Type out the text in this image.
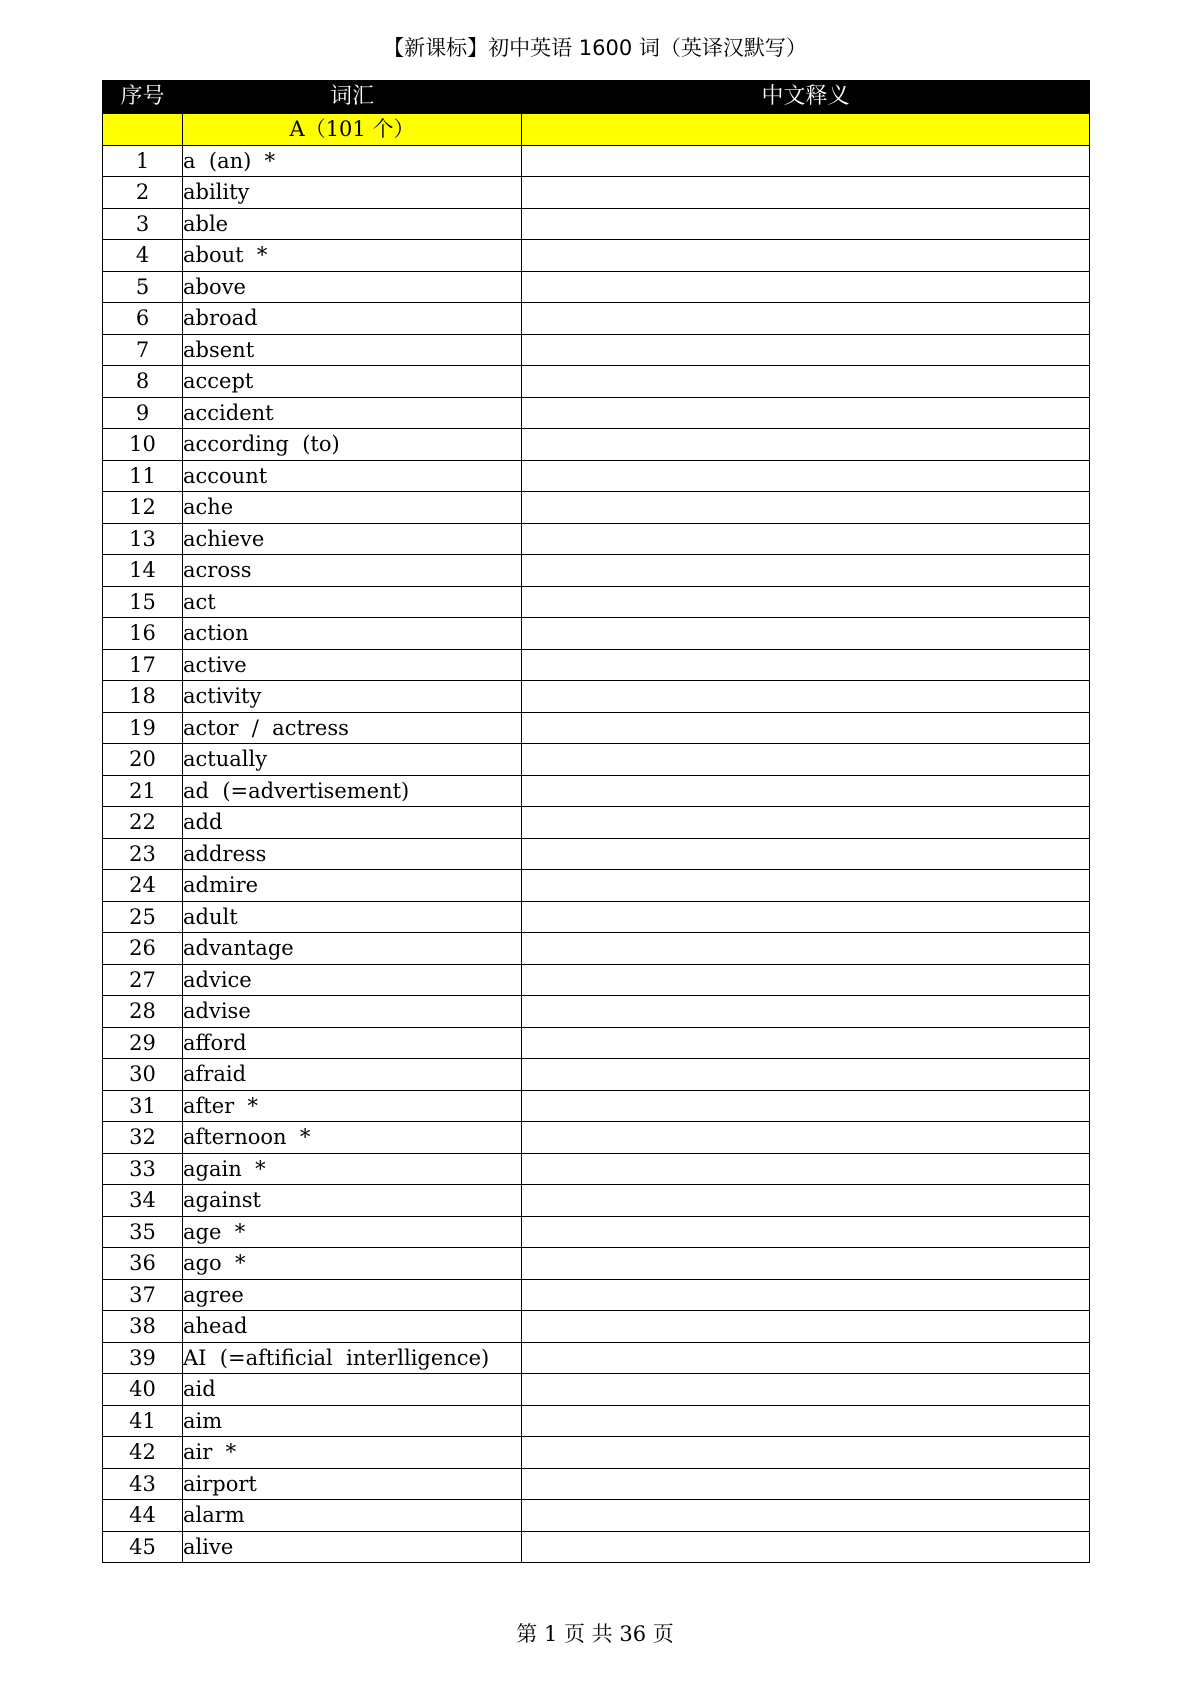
【新课标】初中英语 1600 词（英译汉默写）
序号	词汇	中文释义
	A（101 个）	
1	a  (an)  *	
2	ability	
3	able	
4	about  *	
5	above	
6	abroad	
7	absent	
8	accept	
9	accident	
10	according  (to)	
11	account	
12	ache	
13	achieve	
14	across	
15	act	
16	action	
17	active	
18	activity	
19	actor  /  actress	
20	actually	
21	ad  (=advertisement)	
22	add	
23	address	
24	admire	
25	adult	
26	advantage	
27	advice	
28	advise	
29	afford	
30	afraid	
31	after  *	
32	afternoon  *	
33	again  *	
34	against	
35	age  *	
36	ago  *	
37	agree	
38	ahead	
39	AI  (=aftificial  interlligence)	
40	aid	
41	aim	
42	air  *	
43	airport	
44	alarm	
45	alive	
第 1 页 共 36 页
